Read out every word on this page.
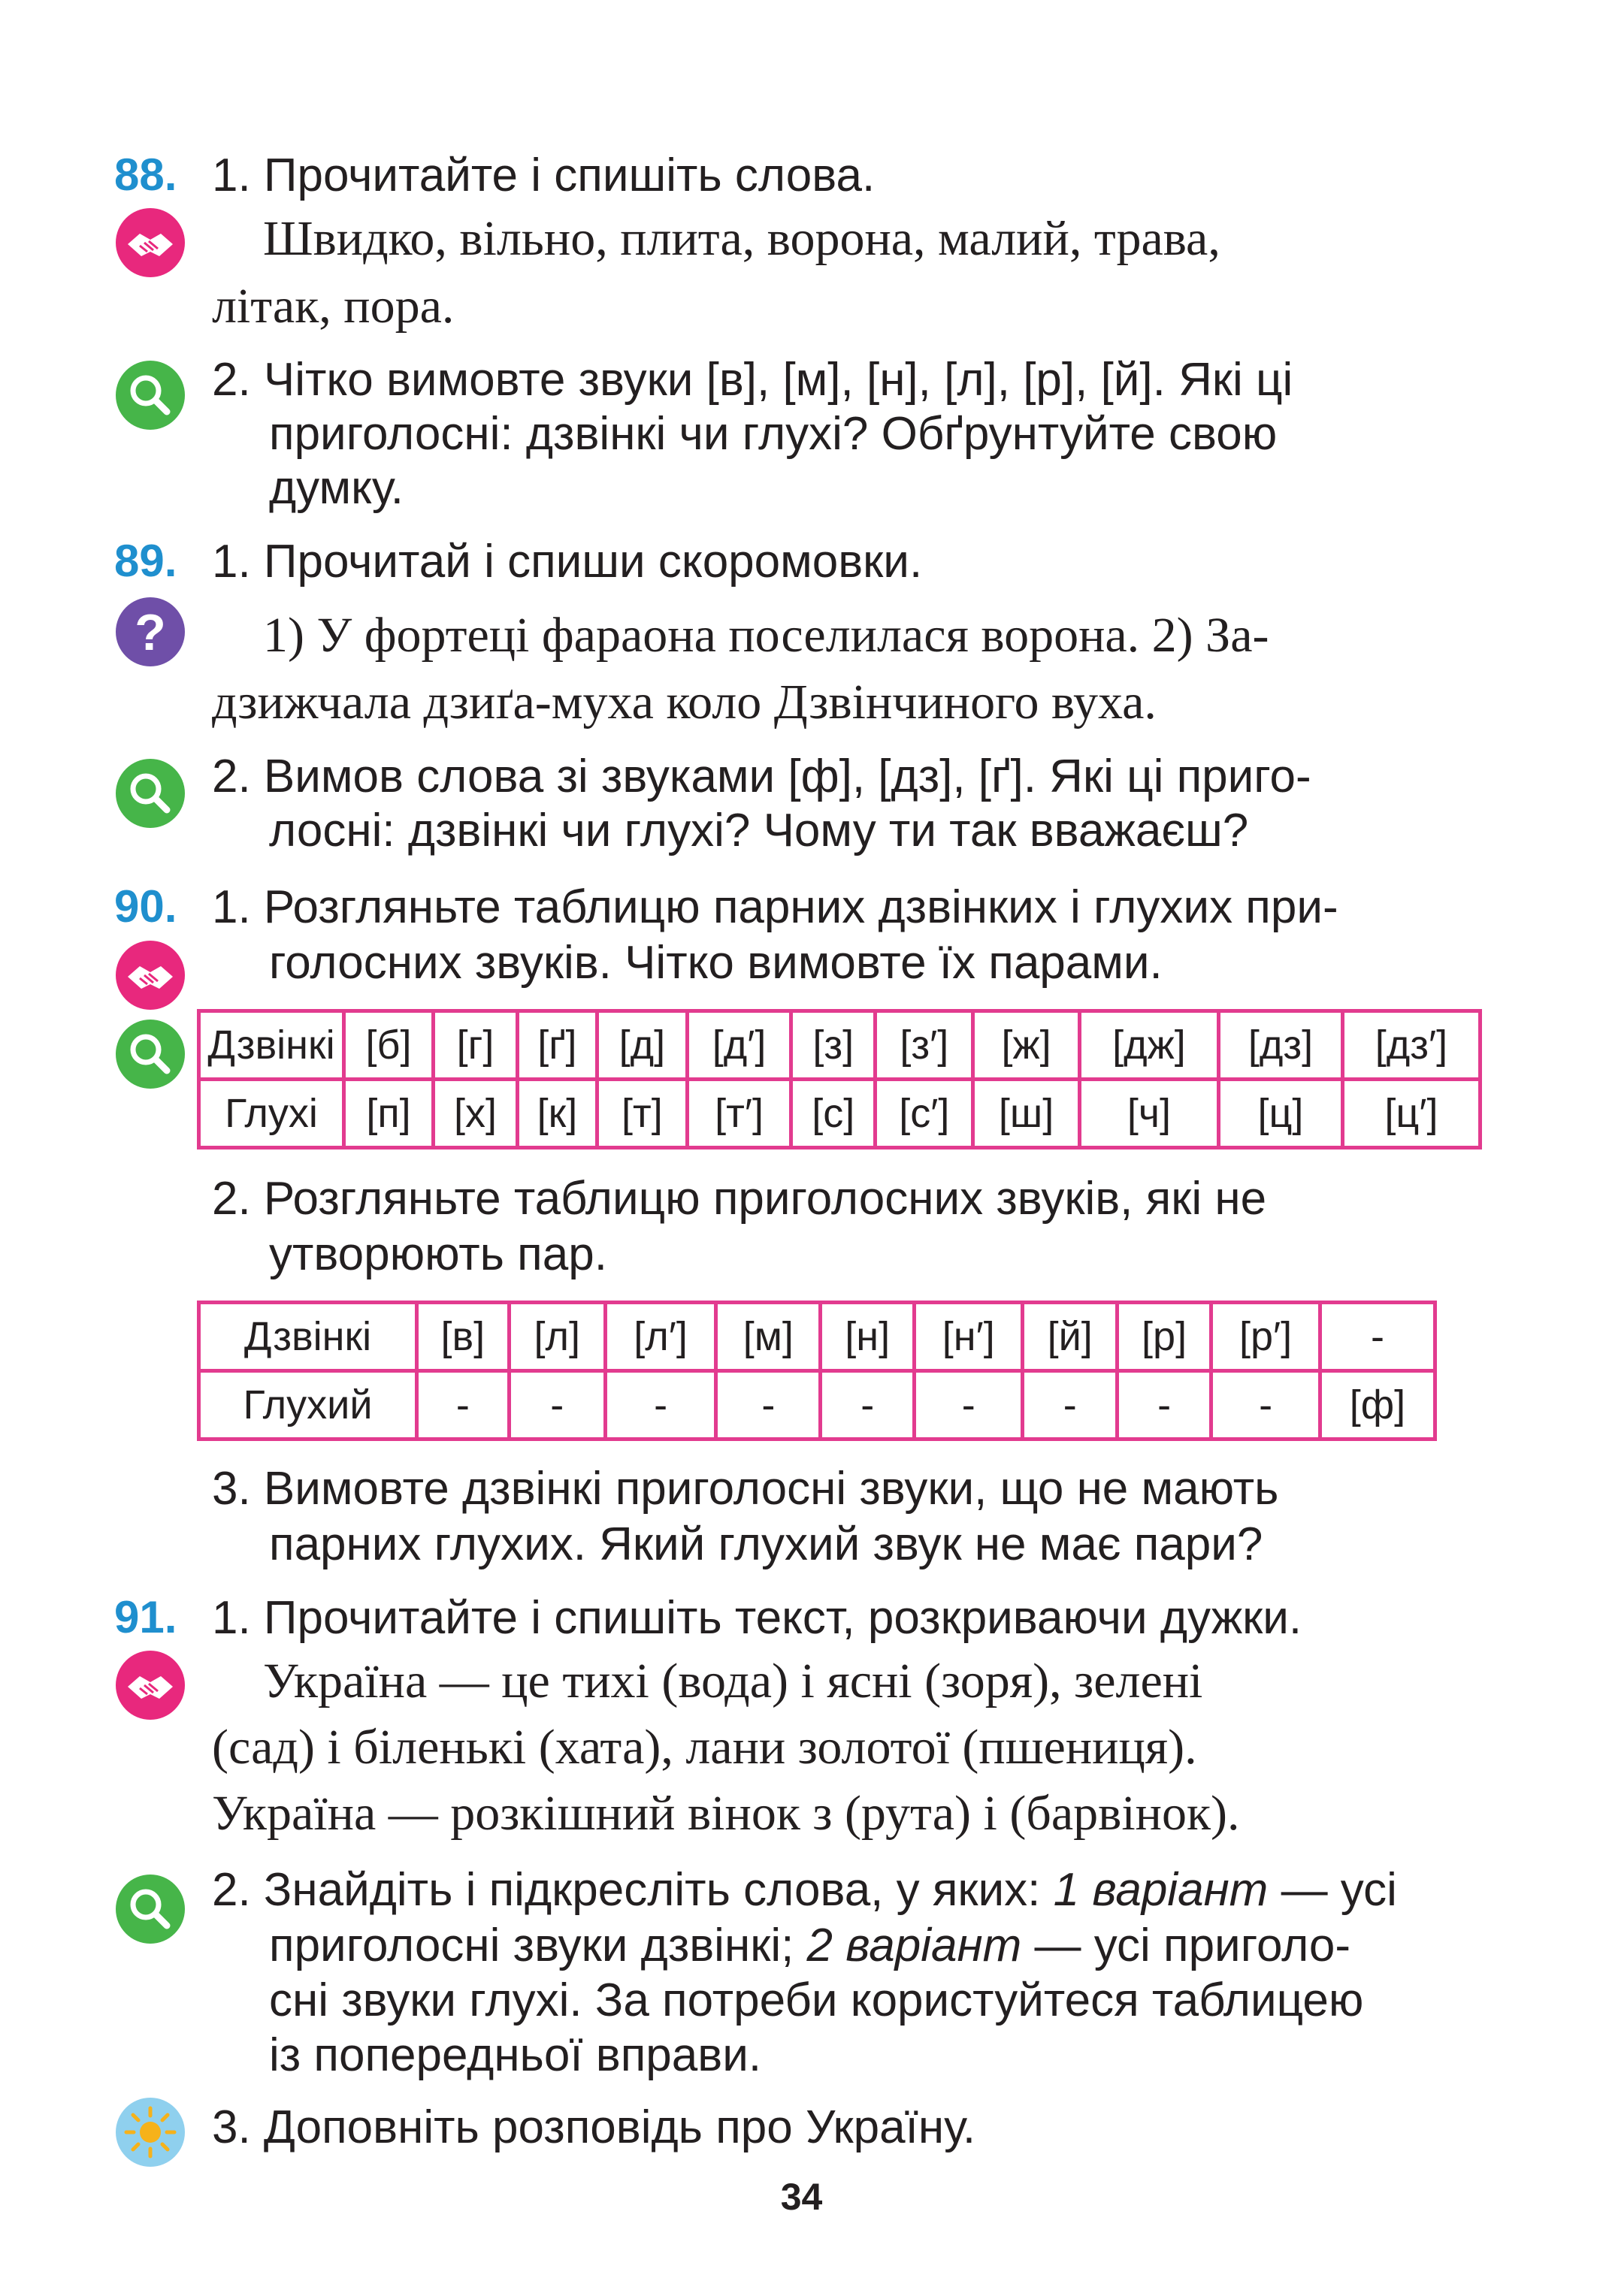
88. 1. Прочитайте і спишіть слова.
Швидко, вільно, плита, ворона, малий, трава,
літак, пора.
2. Чітко вимовте звуки [в], [м], [н], [л], [р], [й]. Які ці
приголосні: дзвінкі чи глухі? Обґрунтуйте свою
думку.
89. 1. Прочитай і спиши скоромовки.
? 1) У фортеці фараона поселилася ворона. 2) За-
дзижчала дзиґа-муха коло Дзвінчиного вуха.
2. Вимов слова зі звуками [ф], [дз], [ґ]. Які ці приго-
лосні: дзвінкі чи глухі? Чому ти так вважаєш?
90. 1. Розгляньте таблицю парних дзвінких і глухих при-
голосних звуків. Чітко вимовте їх парами.
Дзвінкі	[б]	[г]	[ґ]	[д]	[д′]	[з]	[з′]	[ж]	[дж]	[дз]	[дз′]
Глухі	[п]	[х]	[к]	[т]	[т′]	[с]	[с′]	[ш]	[ч]	[ц]	[ц′]
2. Розгляньте таблицю приголосних звуків, які не
утворюють пар.
Дзвінкі	[в]	[л]	[л′]	[м]	[н]	[н′]	[й]	[р]	[р′]	-
Глухий	-	-	-	-	-	-	-	-	-	[ф]
3. Вимовте дзвінкі приголосні звуки, що не мають
парних глухих. Який глухий звук не має пари?
91. 1. Прочитайте і спишіть текст, розкриваючи дужки.
Україна — це тихі (вода) і ясні (зоря), зелені
(сад) і біленькі (хата), лани золотої (пшениця).
Україна — розкішний вінок з (рута) і (барвінок).
2. Знайдіть і підкресліть слова, у яких: 1 варіант — усі
приголосні звуки дзвінкі; 2 варіант — усі приголо-
сні звуки глухі. За потреби користуйтеся таблицею
із попередньої вправи.
3. Доповніть розповідь про Україну.
34
